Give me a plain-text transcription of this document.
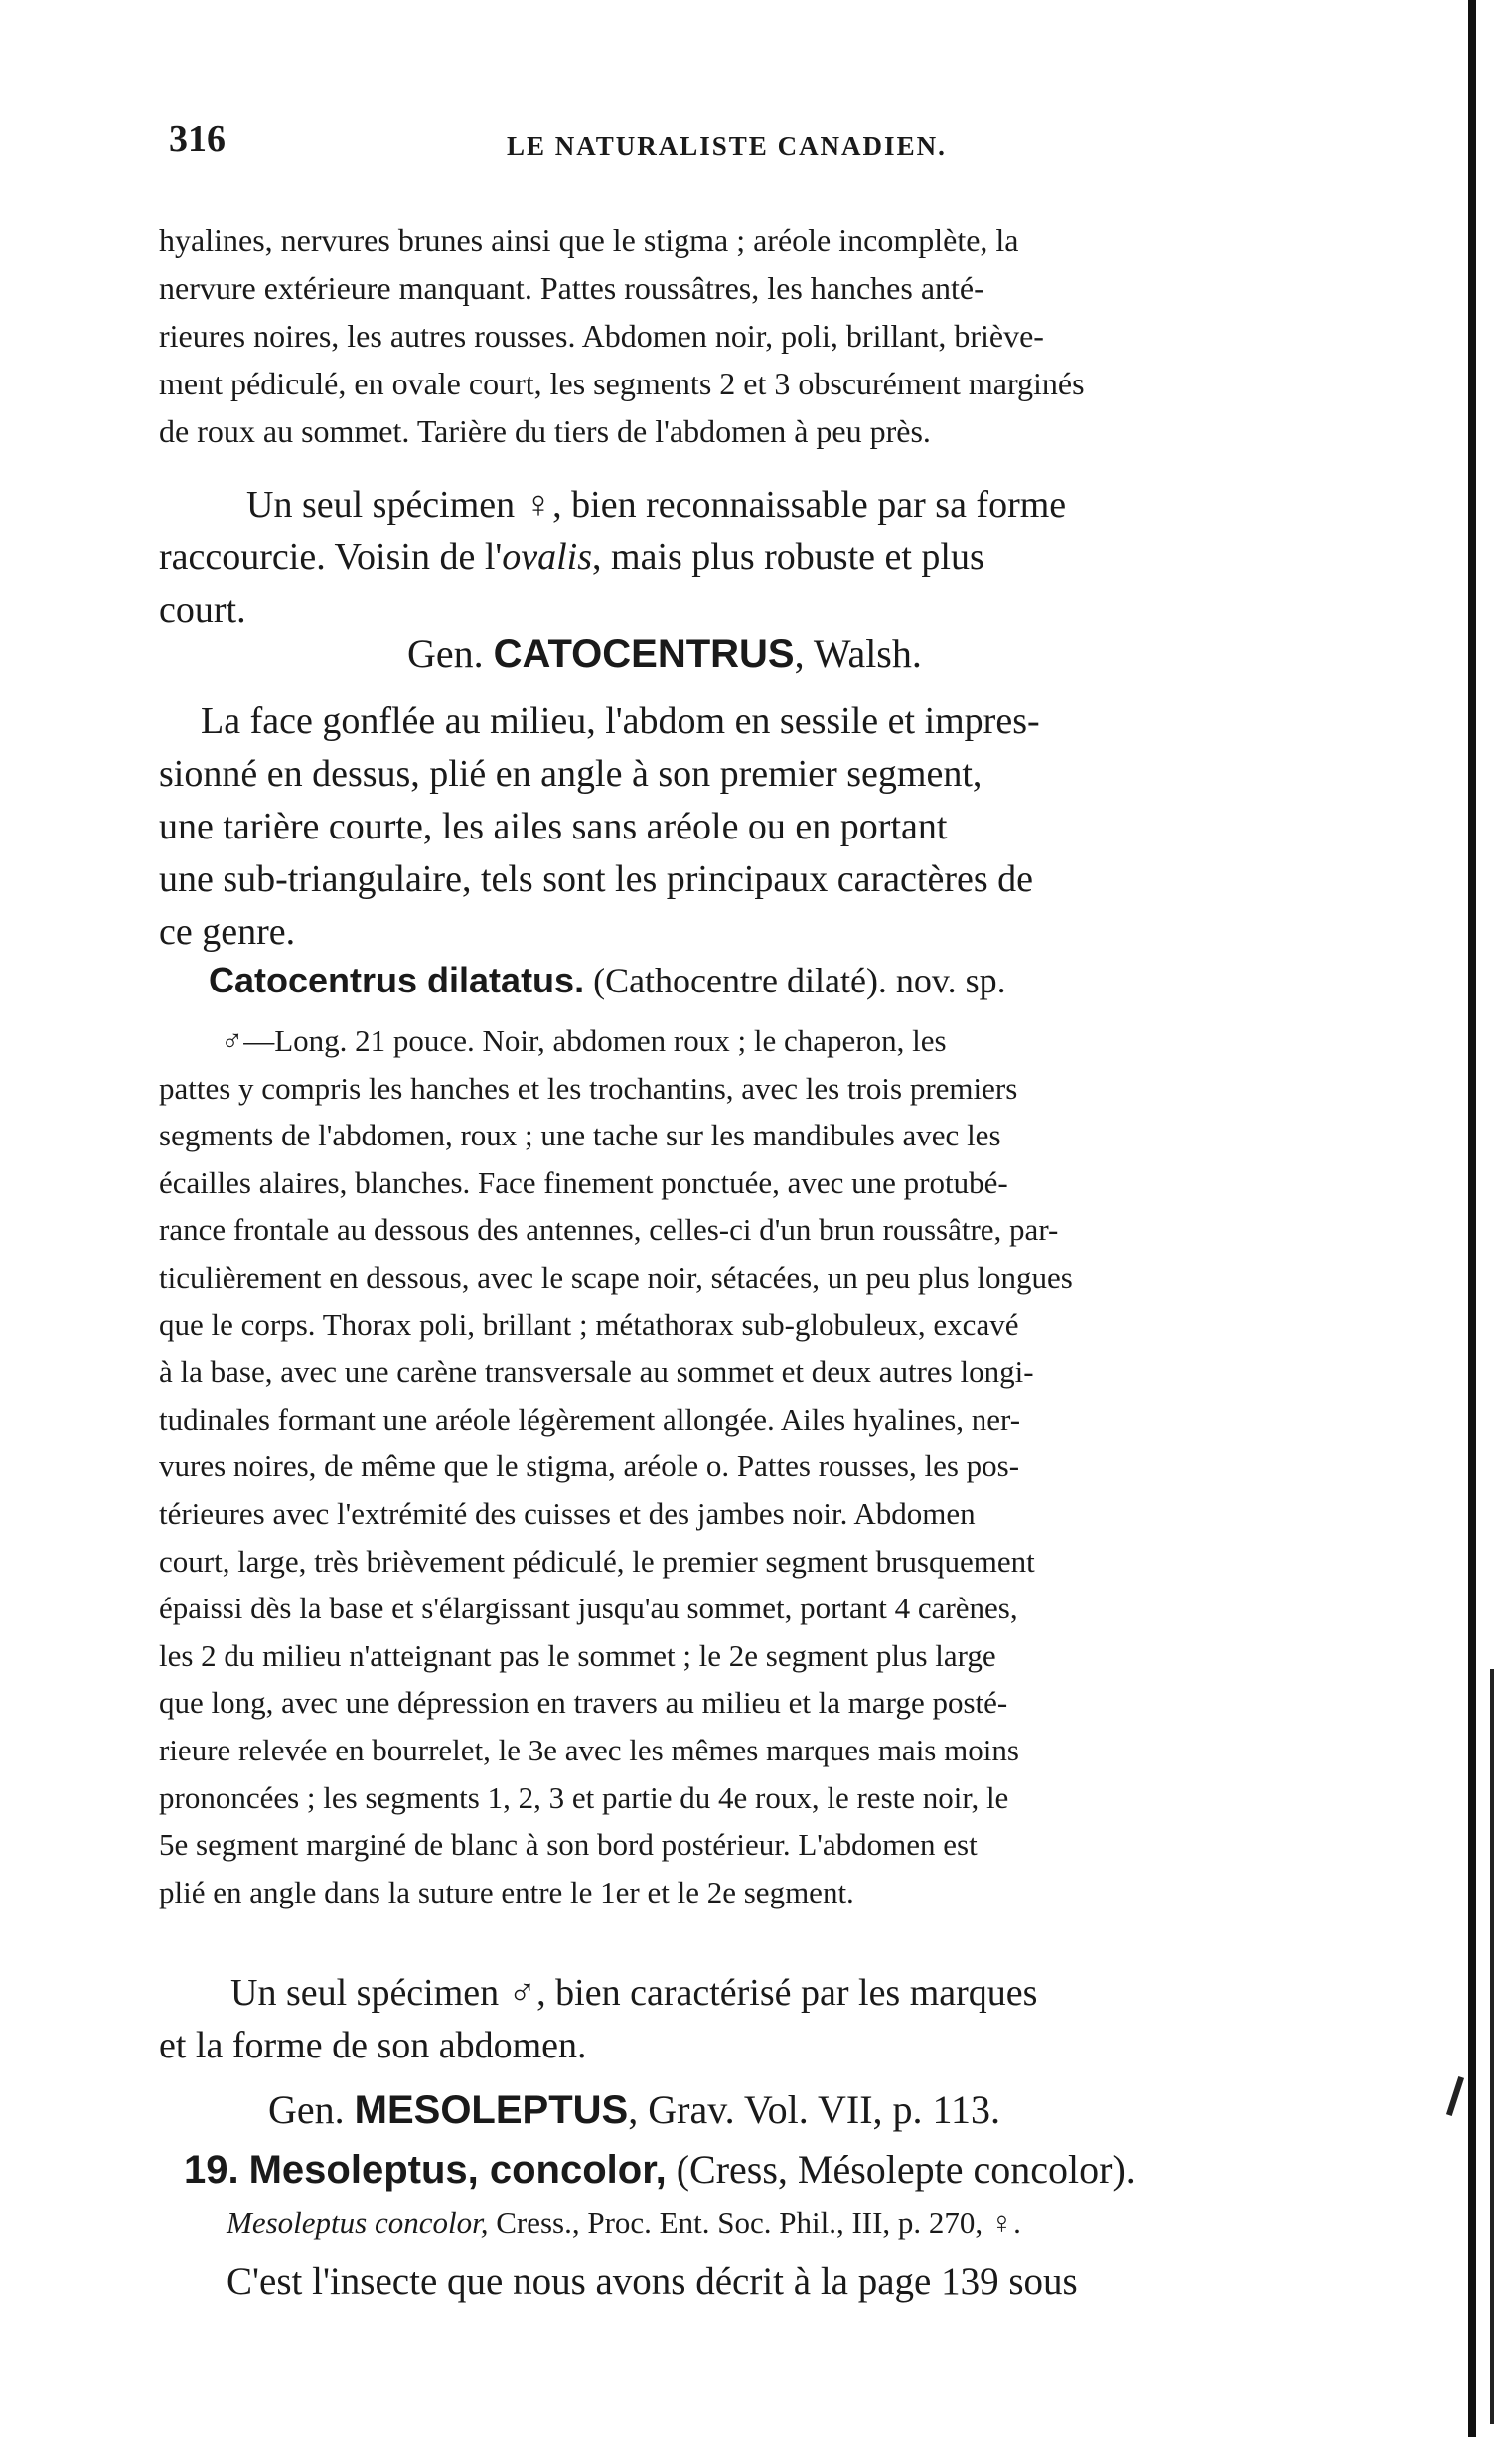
316	LE NATURALISTE CANADIEN.

hyalines, nervures brunes ainsi que le stigma ; aréole incomplète, la
nervure extérieure manquant. Pattes roussâtres, les hanches anté-
rieures noires, les autres rousses. Abdomen noir, poli, brillant, briève-
ment pédiculé, en ovale court, les segments 2 et 3 obscurément marginés
de roux au sommet. Tarière du tiers de l'abdomen à peu près.

Un seul spécimen ♀, bien reconnaissable par sa forme
raccourcie. Voisin de l'ovalis, mais plus robuste et plus
court.

Gen. CATOCENTRUS, Walsh.

La face gonflée au milieu, l'abdom en sessile et impres-
sionné en dessus, plié en angle à son premier segment,
une tarière courte, les ailes sans aréole ou en portant
une sub-triangulaire, tels sont les principaux caractères de
ce genre.

Catocentrus dilatatus. (Cathocentre dilaté). nov. sp.

♂—Long. 21 pouce. Noir, abdomen roux ; le chaperon, les
pattes y compris les hanches et les trochantins, avec les trois premiers
segments de l'abdomen, roux ; une tache sur les mandibules avec les
écailles alaires, blanches. Face finement ponctuée, avec une protubé-
rance frontale au dessous des antennes, celles-ci d'un brun roussâtre, par-
ticulièrement en dessous, avec le scape noir, sétacées, un peu plus longues
que le corps. Thorax poli, brillant ; métathorax sub-globuleux, excavé
à la base, avec une carène transversale au sommet et deux autres longi-
tudinales formant une aréole légèrement allongée. Ailes hyalines, ner-
vures noires, de même que le stigma, aréole o. Pattes rousses, les pos-
térieures avec l'extrémité des cuisses et des jambes noir. Abdomen
court, large, très brièvement pédiculé, le premier segment brusquement
épaissi dès la base et s'élargissant jusqu'au sommet, portant 4 carènes,
les 2 du milieu n'atteignant pas le sommet ; le 2e segment plus large
que long, avec une dépression en travers au milieu et la marge posté-
rieure relevée en bourrelet, le 3e avec les mêmes marques mais moins
prononcées ; les segments 1, 2, 3 et partie du 4e roux, le reste noir, le
5e segment marginé de blanc à son bord postérieur. L'abdomen est
plié en angle dans la suture entre le 1er et le 2e segment.

Un seul spécimen ♂, bien caractérisé par les marques
et la forme de son abdomen.

Gen. MESOLEPTUS, Grav. Vol. VII, p. 113.
19. Mesoleptus, concolor, (Cress, Mésolepte concolor).
Mesoleptus concolor, Cress., Proc. Ent. Soc. Phil., III, p. 270, ♀.
C'est l'insecte que nous avons décrit à la page 139 sous
